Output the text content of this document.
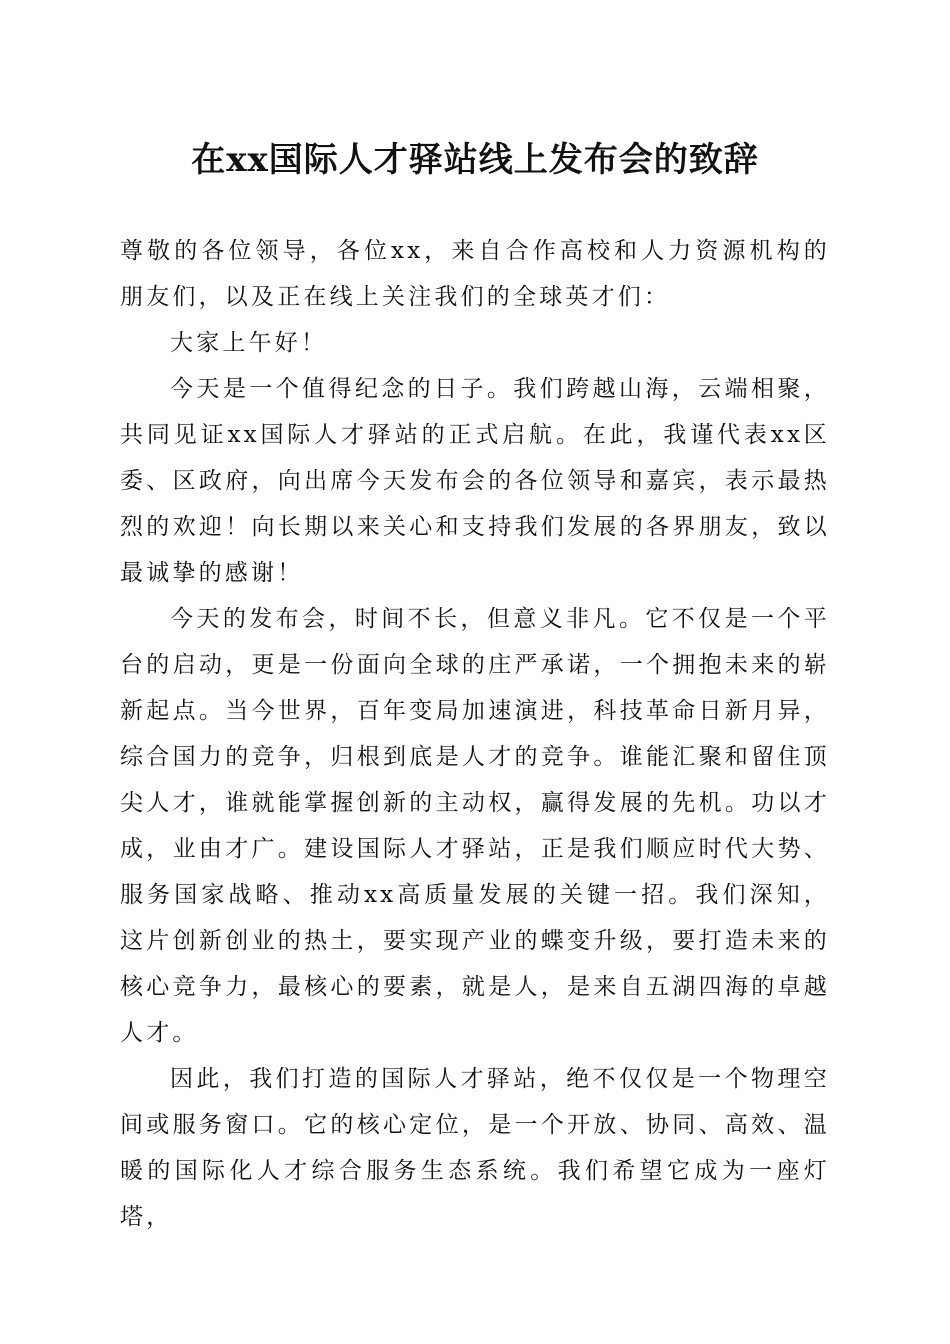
在xx国际人才驿站线上发布会的致辞

尊敬的各位领导，各位xx，来自合作高校和人力资源机构的朋友们，以及正在线上关注我们的全球英才们：

大家上午好！

今天是一个值得纪念的日子。我们跨越山海，云端相聚，共同见证xx国际人才驿站的正式启航。在此，我谨代表xx区委、区政府，向出席今天发布会的各位领导和嘉宾，表示最热烈的欢迎！向长期以来关心和支持我们发展的各界朋友，致以最诚挚的感谢！

今天的发布会，时间不长，但意义非凡。它不仅是一个平台的启动，更是一份面向全球的庄严承诺，一个拥抱未来的崭新起点。当今世界，百年变局加速演进，科技革命日新月异，综合国力的竞争，归根到底是人才的竞争。谁能汇聚和留住顶尖人才，谁就能掌握创新的主动权，赢得发展的先机。功以才成，业由才广。建设国际人才驿站，正是我们顺应时代大势、服务国家战略、推动xx高质量发展的关键一招。我们深知，这片创新创业的热土，要实现产业的蝶变升级，要打造未来的核心竞争力，最核心的要素，就是人，是来自五湖四海的卓越人才。

因此，我们打造的国际人才驿站，绝不仅仅是一个物理空间或服务窗口。它的核心定位，是一个开放、协同、高效、温暖的国际化人才综合服务生态系统。我们希望它成为一座灯塔，
